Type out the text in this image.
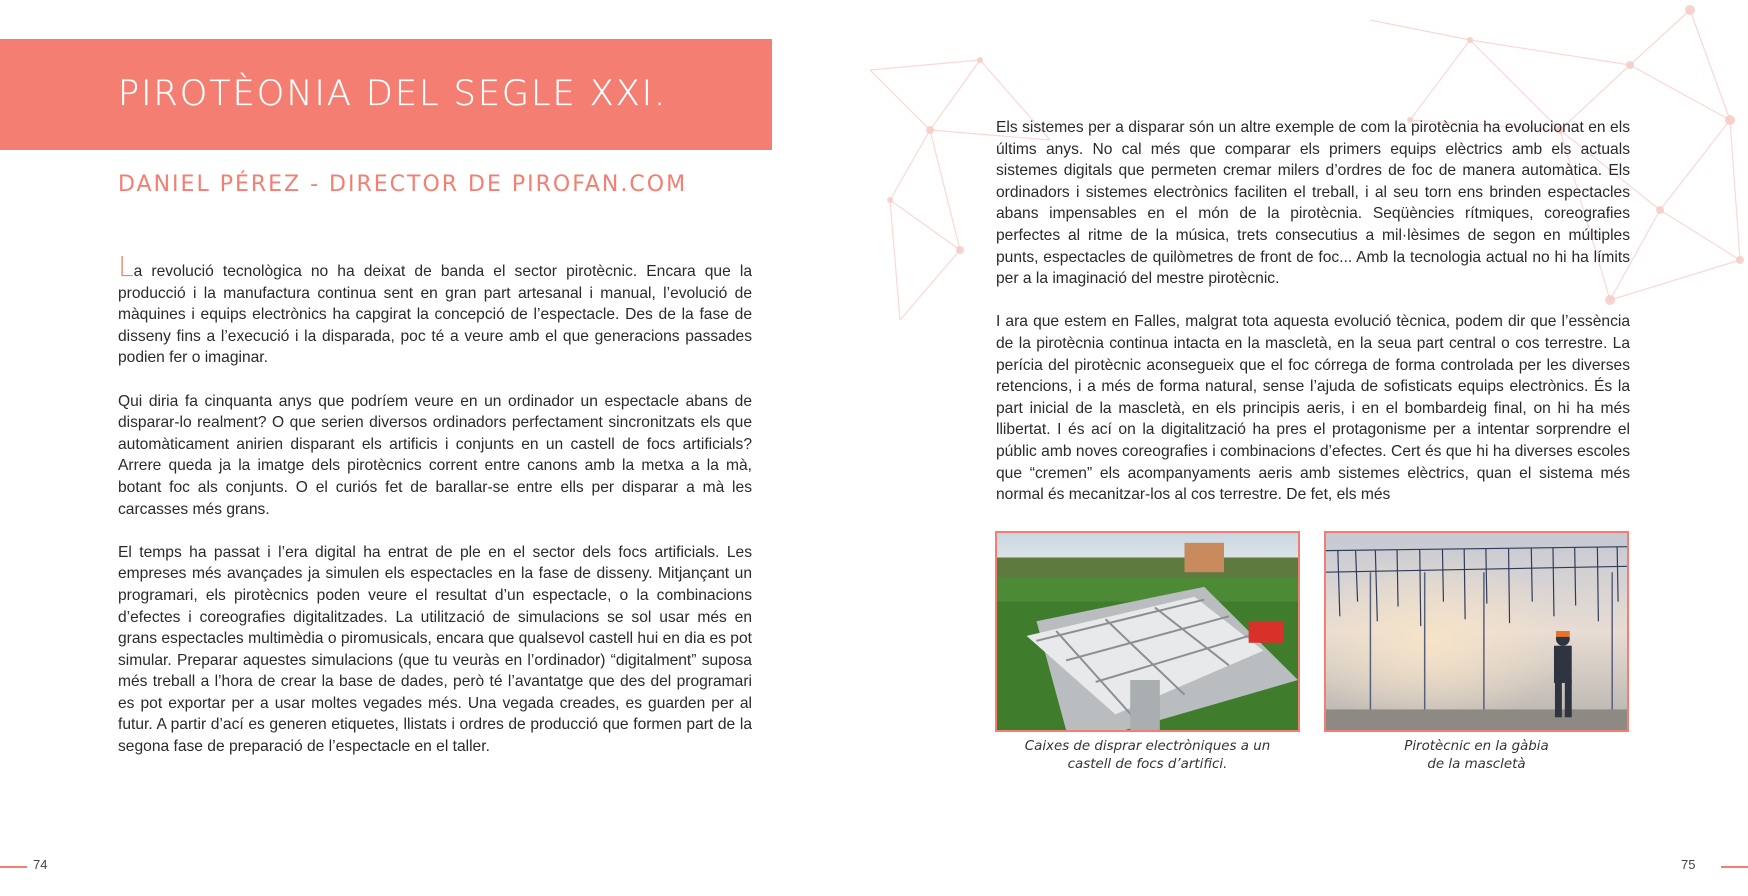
PIROTÈONIA DEL SEGLE XXI.
DANIEL PÉREZ - DIRECTOR DE PIROFAN.COM

La revolució tecnològica no ha deixat de banda el sector pirotècnic. Encara que la producció i la manufactura continua sent en gran part artesanal i manual, l’evolució de màquines i equips electrònics ha capgirat la concepció de l’espectacle. Des de la fase de disseny fins a l’execució i la disparada, poc té a veure amb el que generacions passades podien fer o imaginar.

Qui diria fa cinquanta anys que podríem veure en un ordinador un espectacle abans de disparar-lo realment? O que serien diversos ordinadors perfectament sincronitzats els que automàticament anirien disparant els artificis i conjunts en un castell de focs artificials? Arrere queda ja la imatge dels pirotècnics corrent entre canons amb la metxa a la mà, botant foc als conjunts. O el curiós fet de barallar-se entre ells per disparar a mà les carcasses més grans.

El temps ha passat i l’era digital ha entrat de ple en el sector dels focs artificials. Les empreses més avançades ja simulen els espectacles en la fase de disseny. Mitjançant un programari, els pirotècnics poden veure el resultat d’un espectacle, o la combinacions d’efectes i coreografies digitalitzades. La utilització de simulacions se sol usar més en grans espectacles multimèdia o piromusicals, encara que qualsevol castell hui en dia es pot simular. Preparar aquestes simulacions (que tu veuràs en l’ordinador) “digitalment” suposa més treball a l’hora de crear la base de dades, però té l’avantatge que des del programari es pot exportar per a usar moltes vegades més. Una vegada creades, es guarden per al futur. A partir d’ací es generen etiquetes, llistats i ordres de producció que formen part de la segona fase de preparació de l’espectacle en el taller.

74

Els sistemes per a disparar són un altre exemple de com la pirotècnia ha evolucionat en els últims anys. No cal més que comparar els primers equips elèctrics amb els actuals sistemes digitals que permeten cremar milers d’ordres de foc de manera automàtica. Els ordinadors i sistemes electrònics faciliten el treball, i al seu torn ens brinden espectacles abans impensables en el món de la pirotècnia. Seqüències rítmiques, coreografies perfectes al ritme de la música, trets consecutius a mil·lèsimes de segon en múltiples punts, espectacles de quilòmetres de front de foc... Amb la tecnologia actual no hi ha límits per a la imaginació del mestre pirotècnic.

I ara que estem en Falles, malgrat tota aquesta evolució tècnica, podem dir que l’essència de la pirotècnia continua intacta en la mascletà, en la seua part central o cos terrestre. La perícia del pirotècnic aconsegueix que el foc córrega de forma controlada per les diverses retencions, i a més de forma natural, sense l’ajuda de sofisticats equips electrònics. És la part inicial de la mascletà, en els principis aeris, i en el bombardeig final, on hi ha més llibertat. I és ací on la digitalització ha pres el protagonisme per a intentar sorprendre el públic amb noves coreografies i combinacions d’efectes. Cert és que hi ha diverses escoles que “cremen” els acompanyaments aeris amb sistemes elèctrics, quan el sistema més normal és mecanitzar-los al cos terrestre. De fet, els més

Caixes de disprar electròniques a un
castell de focs d’artifici.

Pirotècnic en la gàbia
de la mascletà

75
